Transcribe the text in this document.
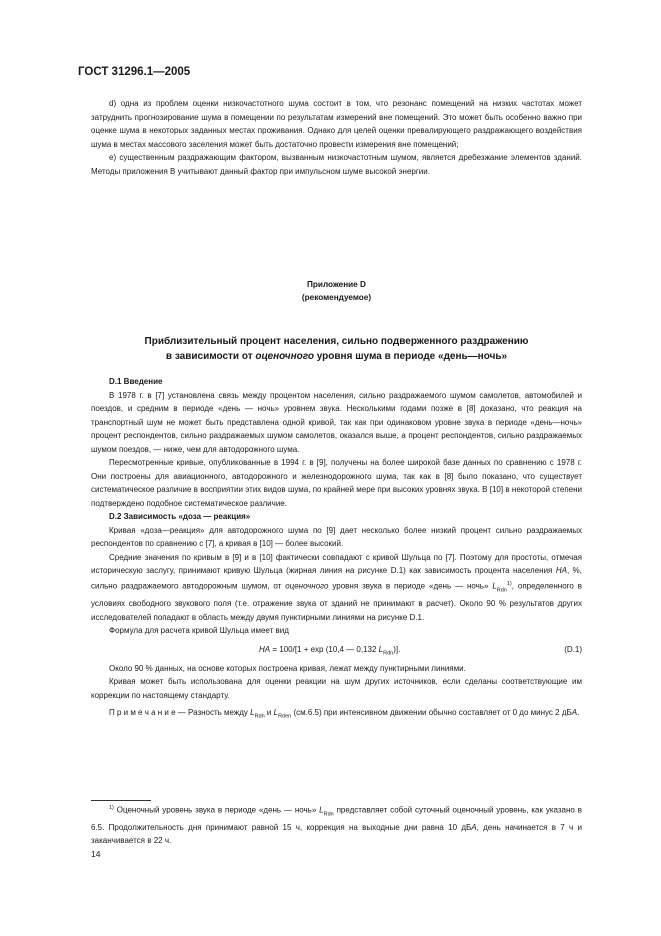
ГОСТ 31296.1—2005

d) одна из проблем оценки низкочастотного шума состоит в том, что резонанс помещений на низких частотах может затруднить прогнозирование шума в помещении по результатам измерений вне помещений. Это может быть особенно важно при оценке шума в некоторых заданных местах проживания. Однако для целей оценки превалирующего раздражающего воздействия шума в местах массового заселения может быть достаточно провести измерения вне помещений;

e) существенным раздражающим фактором, вызванным низкочастотным шумом, является дребезжание элементов зданий. Методы приложения В учитывают данный фактор при импульсном шуме высокой энергии.

Приложение D
(рекомендуемое)
Приблизительный процент населения, сильно подверженного раздражению
в зависимости от оценочного уровня шума в периоде «день—ночь»

D.1 Введение

В 1978 г. в [7] установлена связь между процентом населения, сильно раздражаемого шумом самолетов, автомобилей и поездов, и средним в периоде «день — ночь» уровнем звука. Несколькими годами позже в [8] доказано, что реакция на транспортный шум не может быть представлена одной кривой, так как при одинаковом уровне звука в периоде «день—ночь» процент респондентов, сильно раздражаемых шумом самолетов, оказался выше, а процент респондентов, сильно раздражаемых шумом поездов, — ниже, чем для автодорожного шума.

Пересмотренные кривые, опубликованные в 1994 г. в [9], получены на более широкой базе данных по сравнению с 1978 г. Они построены для авиационного, автодорожного и железнодорожного шума, так как в [8] было показано, что существует систематическое различие в восприятии этих видов шума, по крайней мере при высоких уровнях звука. В [10] в некоторой степени подтверждено подобное систематическое различие.

D.2 Зависимость «доза — реакция»

Кривая «доза—реакция» для автодорожного шума по [9] дает несколько более низкий процент сильно раздражаемых респондентов по сравнению с [7], а кривая в [10] — более высокий.

Средние значения по кривым в [9] и в [10] фактически совпадают с кривой Шульца по [7]. Поэтому для простоты, отмечая историческую заслугу, принимают кривую Шульца (жирная линия на рисунке D.1) как зависимость процента населения HA, %, сильно раздражаемого автодорожным шумом, от оценочного уровня звука в периоде «день — ночь» $L_{Rdn}^{1)}$, определенного в условиях свободного звукового поля (т.е. отражение звука от зданий не принимают в расчет). Около 90 % результатов других исследователей попадают в область между двумя пунктирными линиями на рисунке D.1.

Формула для расчета кривой Шульца имеет вид

HA = 100/[1 + exp (10,4 — 0,132 $L_{Rdn}$)].	(D.1)

Около 90 % данных, на основе которых построена кривая, лежат между пунктирными линиями.

Кривая может быть использована для оценки реакции на шум других источников, если сделаны соответствующие им коррекции по настоящему стандарту.

П р и м е ч а н и е — Разность между $L_{Rdn}$ и $L_{Rden}$ (см.6.5) при интенсивном движении обычно составляет от 0 до минус 2 дБА.

$^{1)}$ Оценочный уровень звука в периоде «день — ночь» $L_{Rdn}$ представляет собой суточный оценочный уровень, как указано в 6.5. Продолжительность дня принимают равной 15 ч, коррекция на выходные дни равна 10 дБА, день начинается в 7 ч и заканчивается в 22 ч.

14
